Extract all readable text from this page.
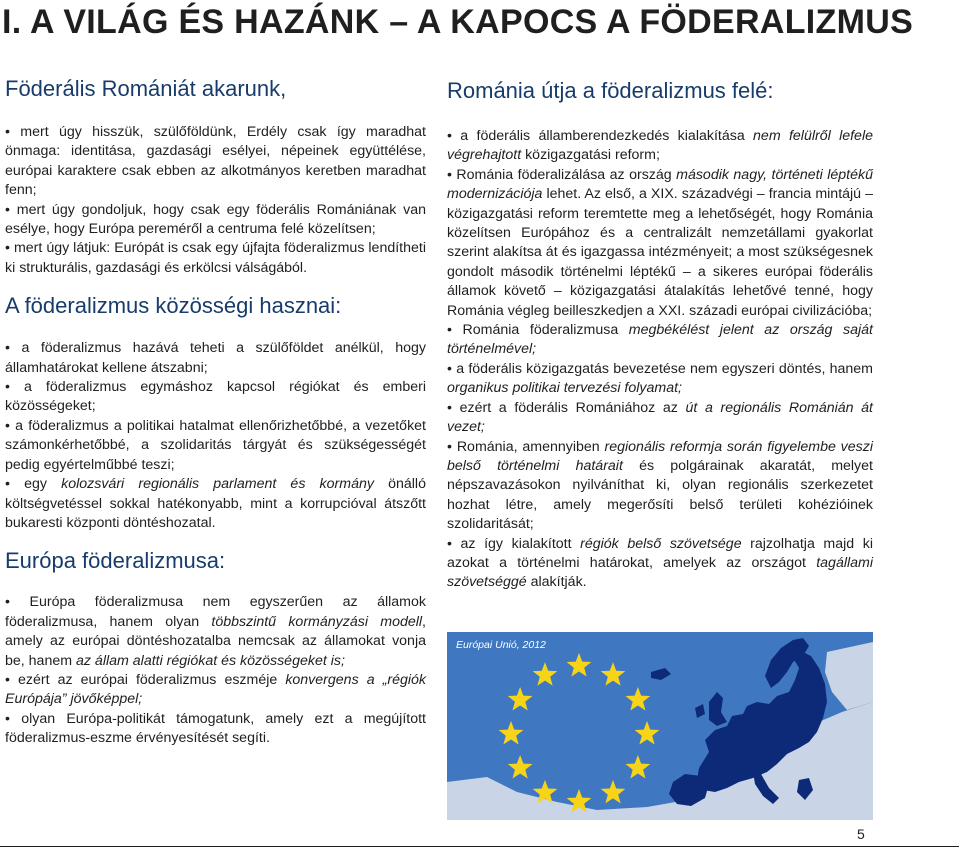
I. A VILÁG ÉS HAZÁNK – A KAPOCS A FÖDERALIZMUS
Föderális Romániát akarunk,

• mert úgy hisszük, szülőföldünk, Erdély csak így maradhat önmaga: identitása, gazdasági esélyei, népeinek együttélése, európai karaktere csak ebben az alkotmányos keretben maradhat fenn;

• mert úgy gondoljuk, hogy csak egy föderális Romániának van esélye, hogy Európa pereméről a centruma felé közelítsen;

• mert úgy látjuk: Európát is csak egy újfajta föderalizmus lendítheti ki strukturális, gazdasági és erkölcsi válságából.

A föderalizmus közösségi hasznai:

• a föderalizmus hazává teheti a szülőföldet anélkül, hogy államhatárokat kellene átszabni;

• a föderalizmus egymáshoz kapcsol régiókat és emberi közösségeket;

• a föderalizmus a politikai hatalmat ellenőrizhetőbbé, a vezetőket számonkérhetőbbé, a szolidaritás tárgyát és szükségességét pedig egyértelműbbé teszi;

• egy kolozsvári regionális parlament és kormány önálló költségvetéssel sokkal hatékonyabb, mint a korrupcióval átszőtt bukaresti központi döntéshozatal.

Európa föderalizmusa:

• Európa föderalizmusa nem egyszerűen az államok föderalizmusa, hanem olyan többszintű kormányzási modell, amely az európai döntéshozatalba nemcsak az államokat vonja be, hanem az állam alatti régiókat és közösségeket is;

• ezért az európai föderalizmus eszméje konvergens a „régiók Európája” jövőképpel;

• olyan Európa-politikát támogatunk, amely ezt a megújított föderalizmus-eszme érvényesítését segíti.

Románia útja a föderalizmus felé:

• a föderális államberendezkedés kialakítása nem felülről lefele végrehajtott közigazgatási reform;

• Románia föderalizálása az ország második nagy, történeti léptékű modernizációja lehet. Az első, a XIX. századvégi – francia mintájú – közigazgatási reform teremtette meg a lehetőségét, hogy Románia közelítsen Európához és a centralizált nemzetállami gyakorlat szerint alakítsa át és igazgassa intézményeit; a most szükségesnek gondolt második történelmi léptékű – a sikeres európai föderális államok követő – közigazgatási átalakítás lehetővé tenné, hogy Románia végleg beilleszkedjen a XXI. századi európai civilizációba;

• Románia föderalizmusa megbékélést jelent az ország saját történelmével;

• a föderális közigazgatás bevezetése nem egyszeri döntés, hanem organikus politikai tervezési folyamat;

• ezért a föderális Romániához az út a regionális Románián át vezet;

• Románia, amennyiben regionális reformja során figyelembe veszi belső történelmi határait és polgárainak akaratát, melyet népszavazásokon nyilváníthat ki, olyan regionális szerkezetet hozhat létre, amely megerősíti belső területi kohézióinek szolidaritását;

• az így kialakított régiók belső szövetsége rajzolhatja majd ki azokat a történelmi határokat, amelyek az országot tagállami szövetséggé alakítják.

Európai Unió, 2012
5
